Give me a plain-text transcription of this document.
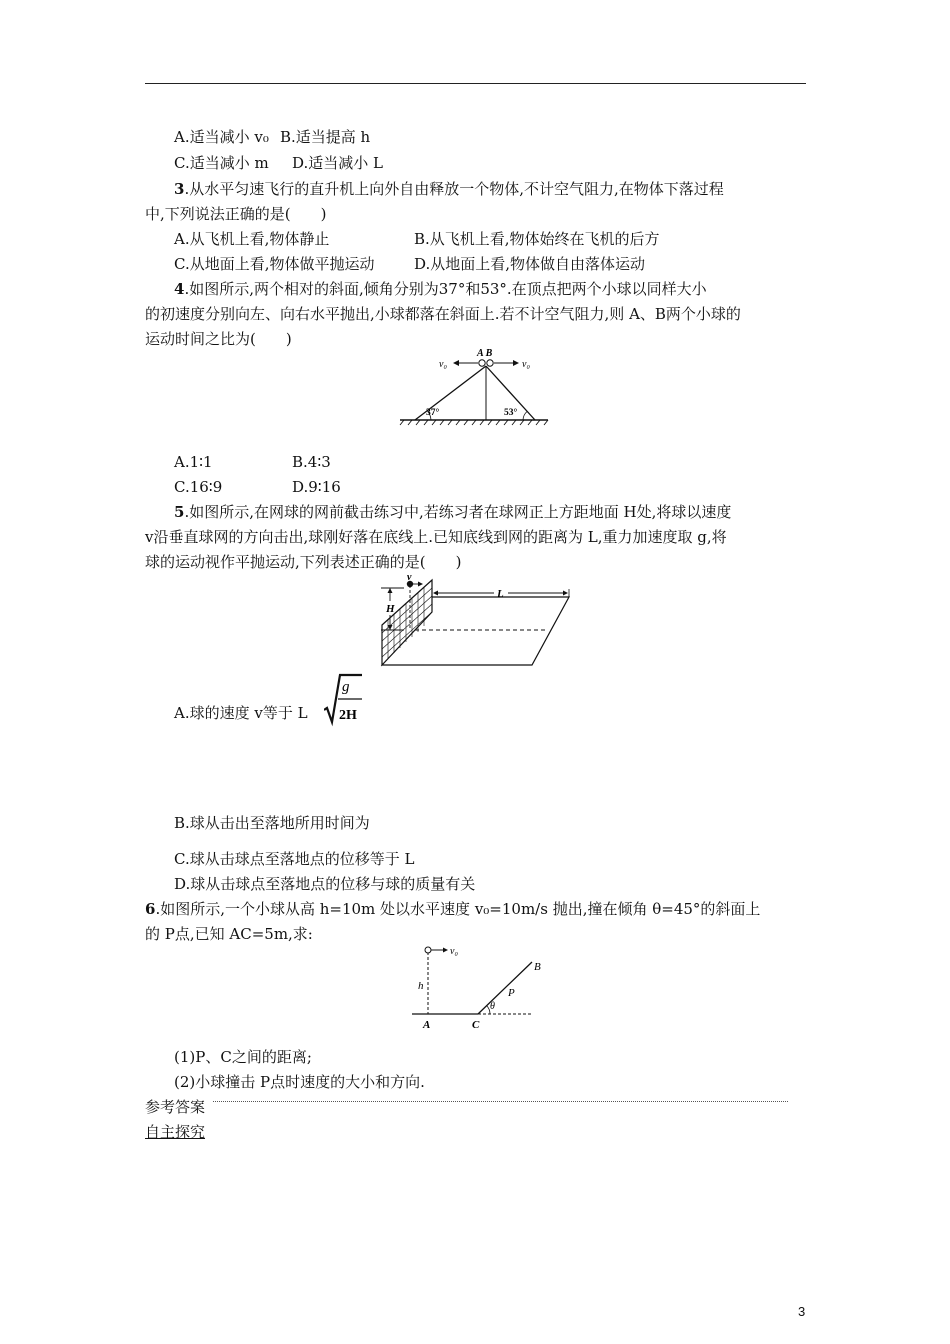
A.适当减小 v₀ B.适当提高 h
C.适当减小 m D.适当减小 L
3.从水平匀速飞行的直升机上向外自由释放一个物体,不计空气阻力,在物体下落过程
中,下列说法正确的是(　　)
A.从飞机上看,物体静止	B.从飞机上看,物体始终在飞机的后方
C.从地面上看,物体做平抛运动	D.从地面上看,物体做自由落体运动
4.如图所示,两个相对的斜面,倾角分别为37°和53°.在顶点把两个小球以同样大小
的初速度分别向左、向右水平抛出,小球都落在斜面上.若不计空气阻力,则 A、B两个小球的
运动时间之比为(　　)
v₀	v₀
A B
37°	53°
A.1∶1	B.4∶3
C.16∶9	D.9∶16
5.如图所示,在网球的网前截击练习中,若练习者在球网正上方距地面 H处,将球以速度
v沿垂直球网的方向击出,球刚好落在底线上.已知底线到网的距离为 L,重力加速度取 g,将
球的运动视作平抛运动,下列表述正确的是(　　)
v
H
L
A.球的速度 v等于 L
g
2H
B.球从击出至落地所用时间为
C.球从击球点至落地点的位移等于 L
D.球从击球点至落地点的位移与球的质量有关
6.如图所示,一个小球从高 h=10m 处以水平速度 v₀=10m/s 抛出,撞在倾角 θ=45°的斜面上
的 P点,已知 AC=5m,求:
v₀
h
A	C
B
P
θ
(1)P、C之间的距离;
(2)小球撞击 P点时速度的大小和方向.
参考答案
自主探究
3
